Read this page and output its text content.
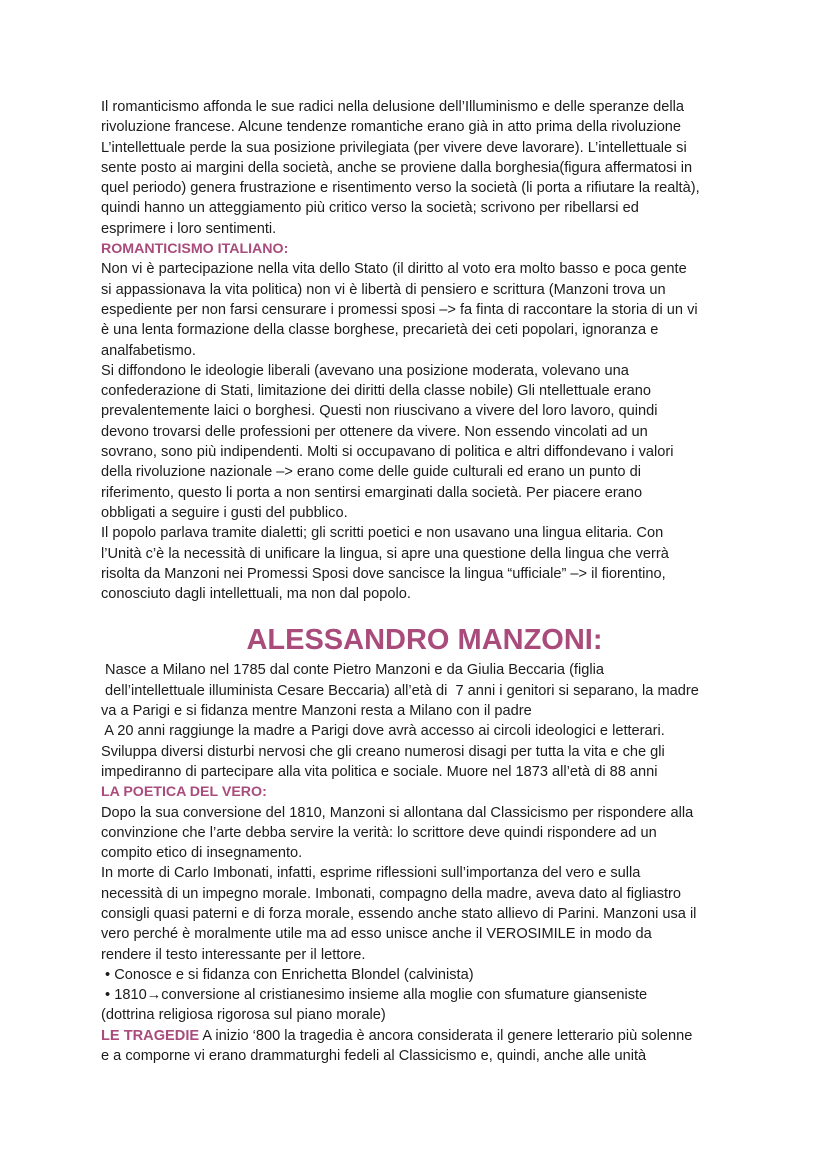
Il romanticismo affonda le sue radici nella delusione dell’Illuminismo e delle speranze della
rivoluzione francese. Alcune tendenze romantiche erano già in atto prima della rivoluzione
L’intellettuale perde la sua posizione privilegiata (per vivere deve lavorare). L’intellettuale si
sente posto ai margini della società, anche se proviene dalla borghesia(figura affermatosi in
quel periodo) genera frustrazione e risentimento verso la società (li porta a rifiutare la realtà),
quindi hanno un atteggiamento più critico verso la società; scrivono per ribellarsi ed
esprimere i loro sentimenti.

ROMANTICISMO ITALIANO:

Non vi è partecipazione nella vita dello Stato (il diritto al voto era molto basso e poca gente
si appassionava la vita politica) non vi è libertà di pensiero e scrittura (Manzoni trova un
espediente per non farsi censurare i promessi sposi –> fa finta di raccontare la storia di un vi
è una lenta formazione della classe borghese, precarietà dei ceti popolari, ignoranza e
analfabetismo.

Si diffondono le ideologie liberali (avevano una posizione moderata, volevano una
confederazione di Stati, limitazione dei diritti della classe nobile) Gli ntellettuale erano
prevalentemente laici o borghesi. Questi non riuscivano a vivere del loro lavoro, quindi
devono trovarsi delle professioni per ottenere da vivere. Non essendo vincolati ad un
sovrano, sono più indipendenti. Molti si occupavano di politica e altri diffondevano i valori
della rivoluzione nazionale –> erano come delle guide culturali ed erano un punto di
riferimento, questo li porta a non sentirsi emarginati dalla società. Per piacere erano
obbligati a seguire i gusti del pubblico.

Il popolo parlava tramite dialetti; gli scritti poetici e non usavano una lingua elitaria. Con
l’Unità c’è la necessità di unificare la lingua, si apre una questione della lingua che verrà
risolta da Manzoni nei Promessi Sposi dove sancisce la lingua “ufficiale” –> il fiorentino,
conosciuto dagli intellettuali, ma non dal popolo.

ALESSANDRO MANZONI:

Nasce a Milano nel 1785 dal conte Pietro Manzoni e da Giulia Beccaria (figlia
dell’intellettuale illuminista Cesare Beccaria) all’età di  7 anni i genitori si separano, la madre
va a Parigi e si fidanza mentre Manzoni resta a Milano con il padre
A 20 anni raggiunge la madre a Parigi dove avrà accesso ai circoli ideologici e letterari.
Sviluppa diversi disturbi nervosi che gli creano numerosi disagi per tutta la vita e che gli
impediranno di partecipare alla vita politica e sociale. Muore nel 1873 all’età di 88 anni

LA POETICA DEL VERO:

Dopo la sua conversione del 1810, Manzoni si allontana dal Classicismo per rispondere alla
convinzione che l’arte debba servire la verità: lo scrittore deve quindi rispondere ad un
compito etico di insegnamento.

In morte di Carlo Imbonati, infatti, esprime riflessioni sull’importanza del vero e sulla
necessità di un impegno morale. Imbonati, compagno della madre, aveva dato al figliastro
consigli quasi paterni e di forza morale, essendo anche stato allievo di Parini. Manzoni usa il
vero perché è moralmente utile ma ad esso unisce anche il VEROSIMILE in modo da
rendere il testo interessante per il lettore.

• Conosce e si fidanza con Enrichetta Blondel (calvinista)
• 1810→conversione al cristianesimo insieme alla moglie con sfumature gianseniste
(dottrina religiosa rigorosa sul piano morale)

LE TRAGEDIE A inizio ‘800 la tragedia è ancora considerata il genere letterario più solenne
e a comporne vi erano drammaturghi fedeli al Classicismo e, quindi, anche alle unità
